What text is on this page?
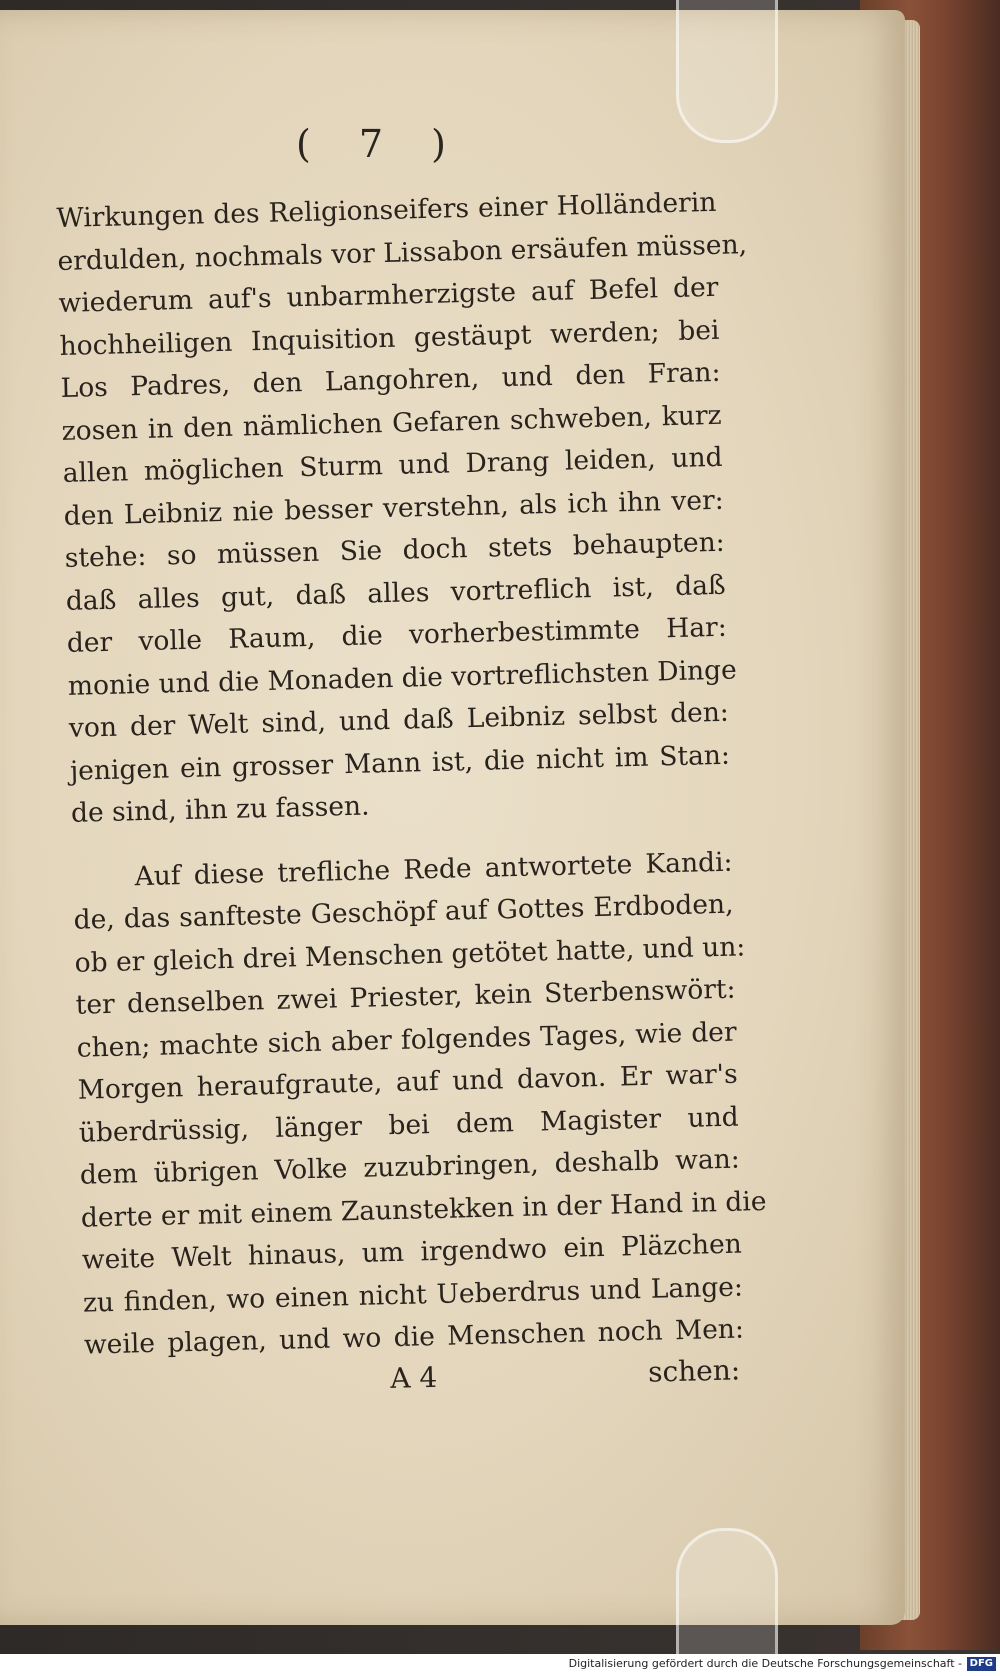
( 7 )
Wirkungen des Religionseifers einer Holländerin
erdulden, nochmals vor Lissabon ersäufen müssen,
wiederum auf's unbarmherzigste auf Befel der
hochheiligen Inquisition gestäupt werden; bei
Los Padres, den Langohren, und den Fran:
zosen in den nämlichen Gefaren schweben, kurz
allen möglichen Sturm und Drang leiden, und
den Leibniz nie besser verstehn, als ich ihn ver:
stehe: so müssen Sie doch stets behaupten:
daß alles gut, daß alles vortreflich ist, daß
der volle Raum, die vorherbestimmte Har:
monie und die Monaden die vortreflichsten Dinge
von der Welt sind, und daß Leibniz selbst den:
jenigen ein grosser Mann ist, die nicht im Stan:
de sind, ihn zu fassen.
Auf diese trefliche Rede antwortete Kandi:
de, das sanfteste Geschöpf auf Gottes Erdboden,
ob er gleich drei Menschen getötet hatte, und un:
ter denselben zwei Priester, kein Sterbenswört:
chen; machte sich aber folgendes Tages, wie der
Morgen heraufgraute, auf und davon. Er war's
überdrüssig, länger bei dem Magister und
dem übrigen Volke zuzubringen, deshalb wan:
derte er mit einem Zaunstekken in der Hand in die
weite Welt hinaus, um irgendwo ein Pläzchen
zu finden, wo einen nicht Ueberdrus und Lange:
weile plagen, und wo die Menschen noch Men:
A 4	schen:
Digitalisierung gefördert durch die Deutsche Forschungsgemeinschaft - DFG
